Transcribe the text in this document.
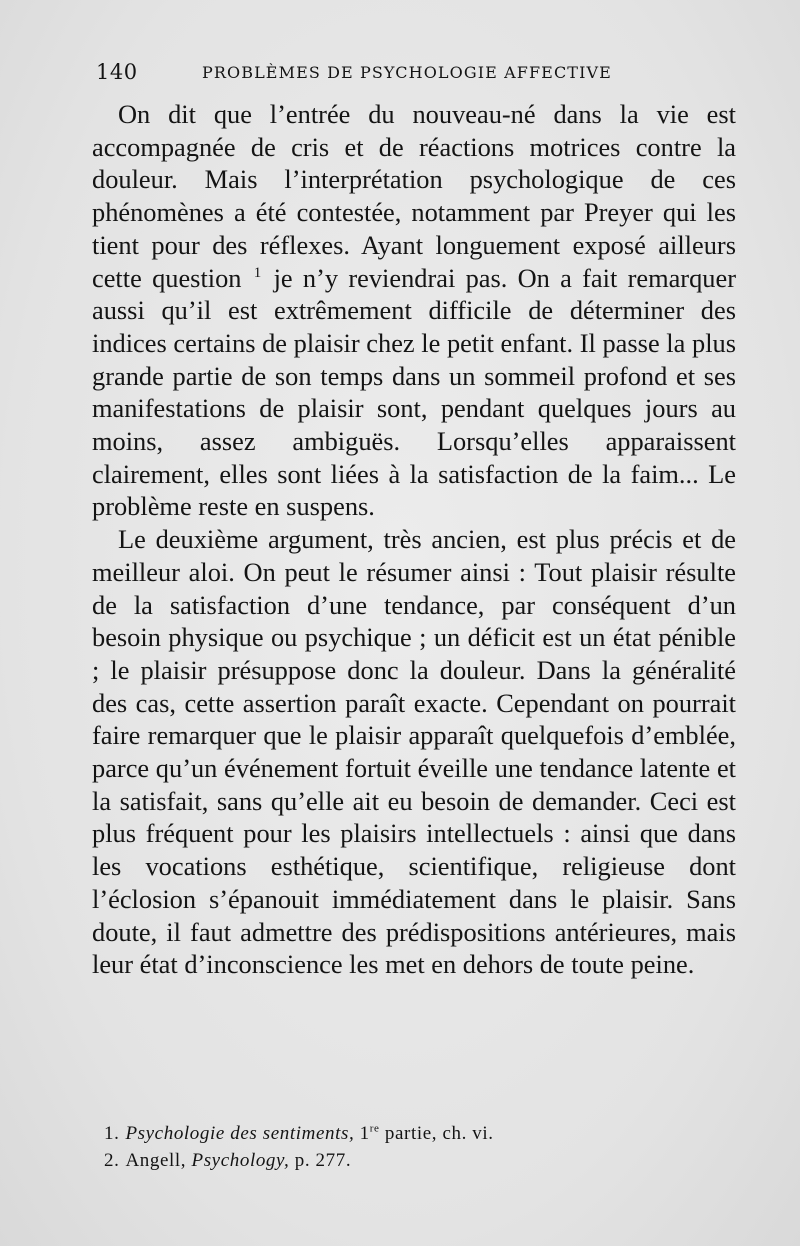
140	PROBLÈMES DE PSYCHOLOGIE AFFECTIVE

On dit que l’entrée du nouveau-né dans la vie est accompagnée de cris et de réactions motrices contre la douleur. Mais l’interprétation psychologique de ces phénomènes a été contestée, notamment par Preyer qui les tient pour des réflexes. Ayant longuement exposé ailleurs cette question $^1$ je n’y reviendrai pas. On a fait remarquer aussi qu’il est extrêmement difficile de déterminer des indices certains de plaisir chez le petit enfant. Il passe la plus grande partie de son temps dans un sommeil profond et ses manifestations de plaisir sont, pendant quelques jours au moins, assez ambiguës. Lorsqu’elles apparaissent clairement, elles sont liées à la satisfaction de la faim... Le problème reste en suspens.

Le deuxième argument, très ancien, est plus précis et de meilleur aloi. On peut le résumer ainsi : Tout plaisir résulte de la satisfaction d’une tendance, par conséquent d’un besoin physique ou psychique ; un déficit est un état pénible ; le plaisir présuppose donc la douleur. Dans la généralité des cas, cette assertion paraît exacte. Cependant on pourrait faire remarquer que le plaisir apparaît quelquefois d’emblée, parce qu’un événement fortuit éveille une tendance latente et la satisfait, sans qu’elle ait eu besoin de demander. Ceci est plus fréquent pour les plaisirs intellectuels : ainsi que dans les vocations esthétique, scientifique, religieuse dont l’éclosion s’épanouit immédiatement dans le plaisir. Sans doute, il faut admettre des prédispositions antérieures, mais leur état d’inconscience les met en dehors de toute peine.

1. Psychologie des sentiments, 1re partie, ch. vi.

2. Angell, Psychology, p. 277.
